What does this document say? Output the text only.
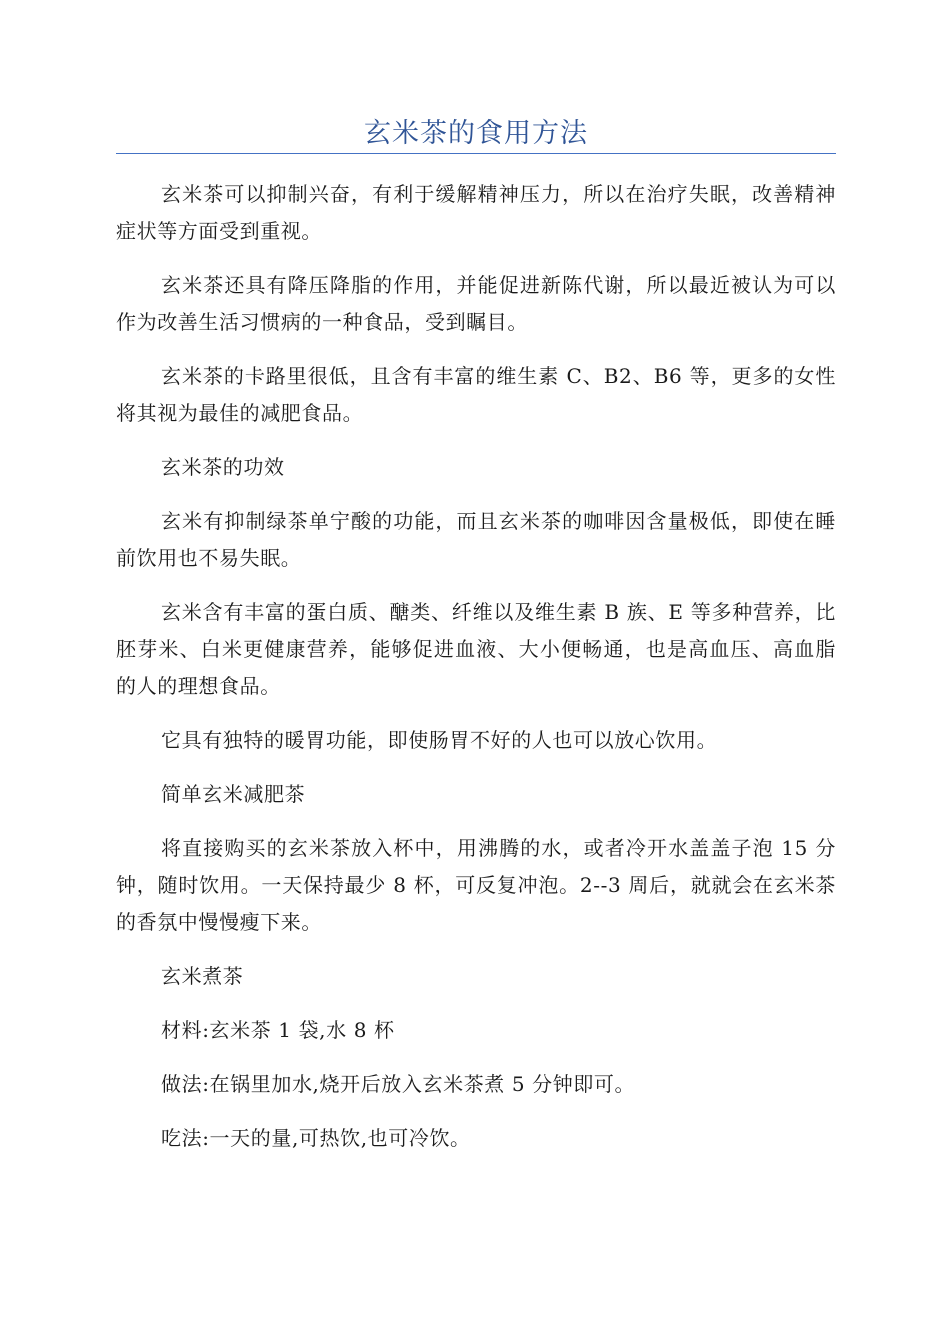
玄米茶的食用方法

玄米茶可以抑制兴奋，有利于缓解精神压力，所以在治疗失眠，改善精神症状等方面受到重视。

玄米茶还具有降压降脂的作用，并能促进新陈代谢，所以最近被认为可以作为改善生活习惯病的一种食品，受到瞩目。

玄米茶的卡路里很低，且含有丰富的维生素 C、B2、B6 等，更多的女性将其视为最佳的减肥食品。

玄米茶的功效

玄米有抑制绿茶单宁酸的功能，而且玄米茶的咖啡因含量极低，即使在睡前饮用也不易失眠。

玄米含有丰富的蛋白质、醣类、纤维以及维生素 B 族、E 等多种营养，比胚芽米、白米更健康营养，能够促进血液、大小便畅通，也是高血压、高血脂的人的理想食品。

它具有独特的暖胃功能，即使肠胃不好的人也可以放心饮用。

简单玄米减肥茶

将直接购买的玄米茶放入杯中，用沸腾的水，或者冷开水盖盖子泡 15 分钟，随时饮用。一天保持最少 8 杯，可反复冲泡。2--3 周后，就就会在玄米茶的香氛中慢慢瘦下来。

玄米煮茶

材料:玄米茶 1 袋,水 8 杯

做法:在锅里加水,烧开后放入玄米茶煮 5 分钟即可。

吃法:一天的量,可热饮,也可冷饮。
